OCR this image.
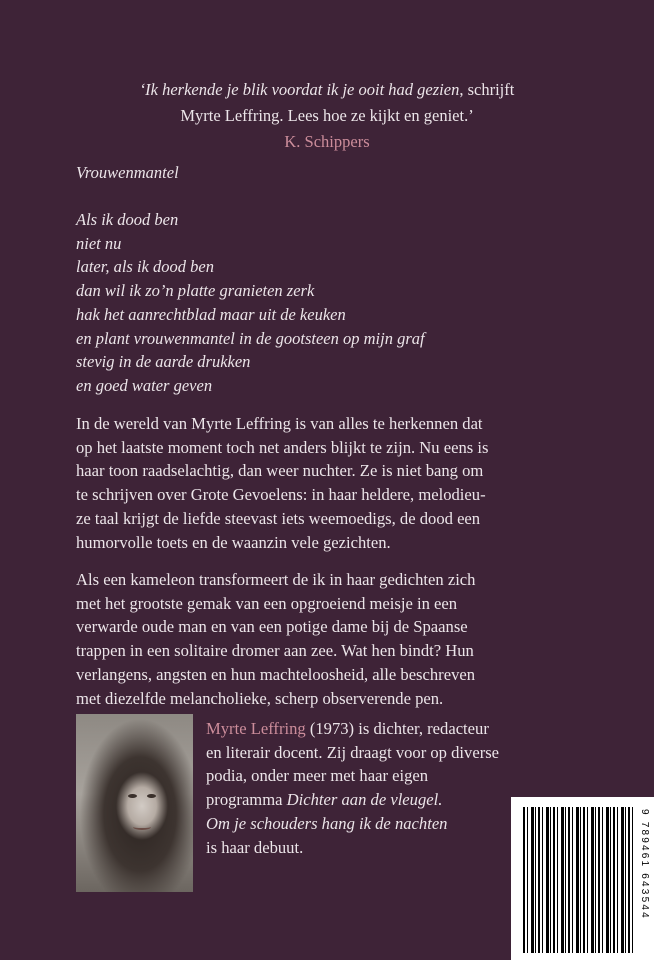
‘Ik herkende je blik voordat ik je ooit had gezien, schrijft
Myrte Leffring. Lees hoe ze kijkt en geniet.’
K. Schippers
Vrouwenmantel
Als ik dood ben
niet nu
later, als ik dood ben
dan wil ik zo’n platte granieten zerk
hak het aanrechtblad maar uit de keuken
en plant vrouwenmantel in de gootsteen op mijn graf
stevig in de aarde drukken
en goed water geven
In de wereld van Myrte Leffring is van alles te herkennen dat
op het laatste moment toch net anders blijkt te zijn. Nu eens is
haar toon raadselachtig, dan weer nuchter. Ze is niet bang om
te schrijven over Grote Gevoelens: in haar heldere, melodieu-
ze taal krijgt de liefde steevast iets weemoedigs, de dood een
humorvolle toets en de waanzin vele gezichten.
Als een kameleon transformeert de ik in haar gedichten zich
met het grootste gemak van een opgroeiend meisje in een
verwarde oude man en van een potige dame bij de Spaanse
trappen in een solitaire dromer aan zee. Wat hen bindt? Hun
verlangens, angsten en hun machteloosheid, alle beschreven
met diezelfde melancholieke, scherp observerende pen.
Myrte Leffring (1973) is dichter, redacteur
en literair docent. Zij draagt voor op diverse
podia, onder meer met haar eigen
programma Dichter aan de vleugel.
Om je schouders hang ik de nachten
is haar debuut.	9 789461 643544
